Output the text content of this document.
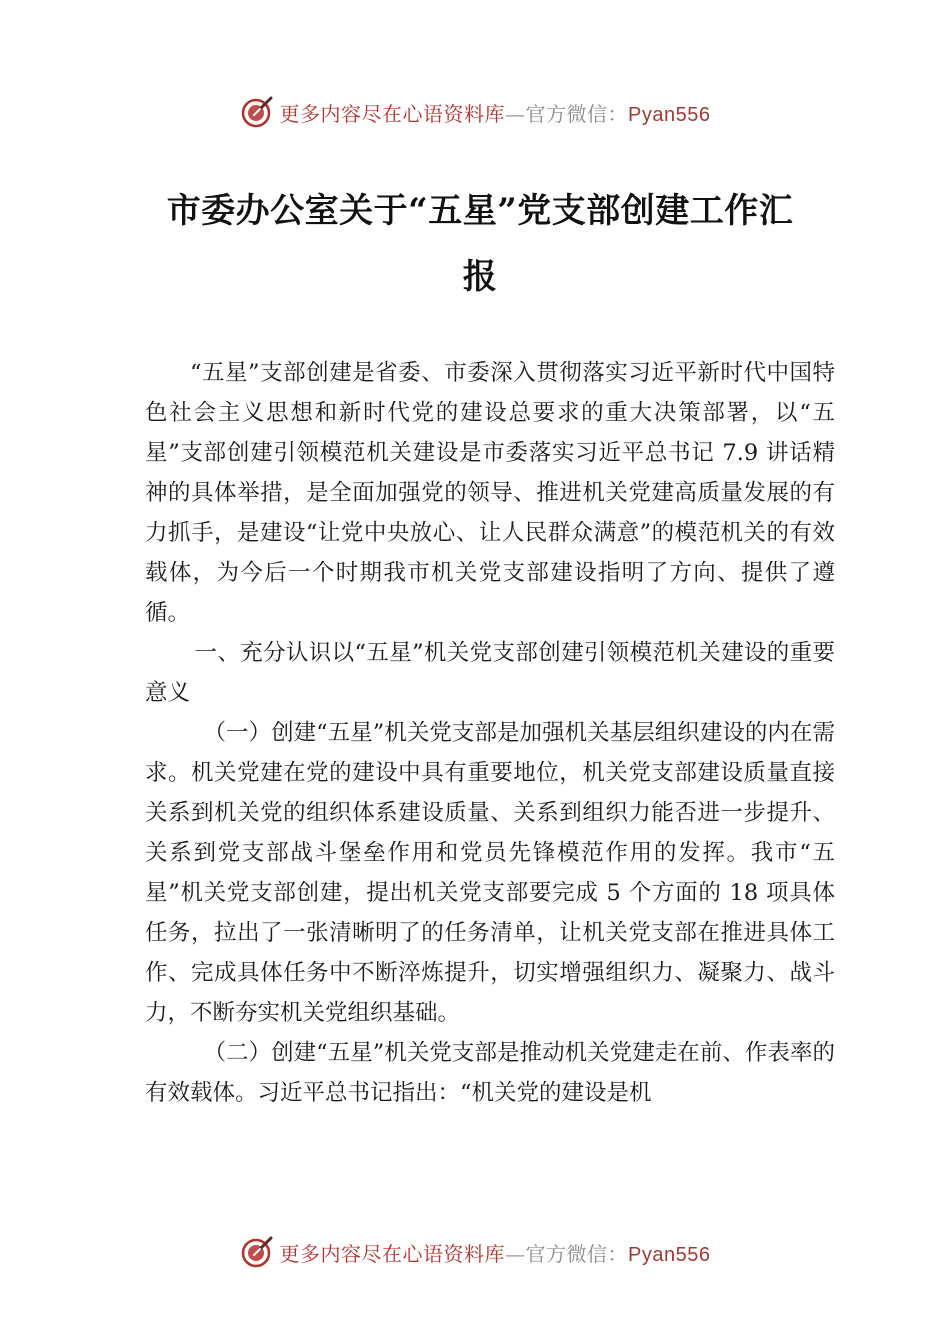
更多内容尽在心语资料库—官方微信：Pyan556
市委办公室关于“五星”党支部创建工作汇
报

“五星”支部创建是省委、市委深入贯彻落实习近平新时代中国特色社会主义思想和新时代党的建设总要求的重大决策部署，以“五星”支部创建引领模范机关建设是市委落实习近平总书记 7.9 讲话精神的具体举措，是全面加强党的领导、推进机关党建高质量发展的有力抓手，是建设“让党中央放心、让人民群众满意”的模范机关的有效载体，为今后一个时期我市机关党支部建设指明了方向、提供了遵循。

一、充分认识以“五星”机关党支部创建引领模范机关建设的重要意义

（一）创建“五星”机关党支部是加强机关基层组织建设的内在需求。机关党建在党的建设中具有重要地位，机关党支部建设质量直接关系到机关党的组织体系建设质量、关系到组织力能否进一步提升、关系到党支部战斗堡垒作用和党员先锋模范作用的发挥。我市“五星”机关党支部创建，提出机关党支部要完成 5 个方面的 18 项具体任务，拉出了一张清晰明了的任务清单，让机关党支部在推进具体工作、完成具体任务中不断淬炼提升，切实增强组织力、凝聚力、战斗力，不断夯实机关党组织基础。

（二）创建“五星”机关党支部是推动机关党建走在前、作表率的有效载体。习近平总书记指出：“机关党的建设是机

更多内容尽在心语资料库—官方微信：Pyan556
